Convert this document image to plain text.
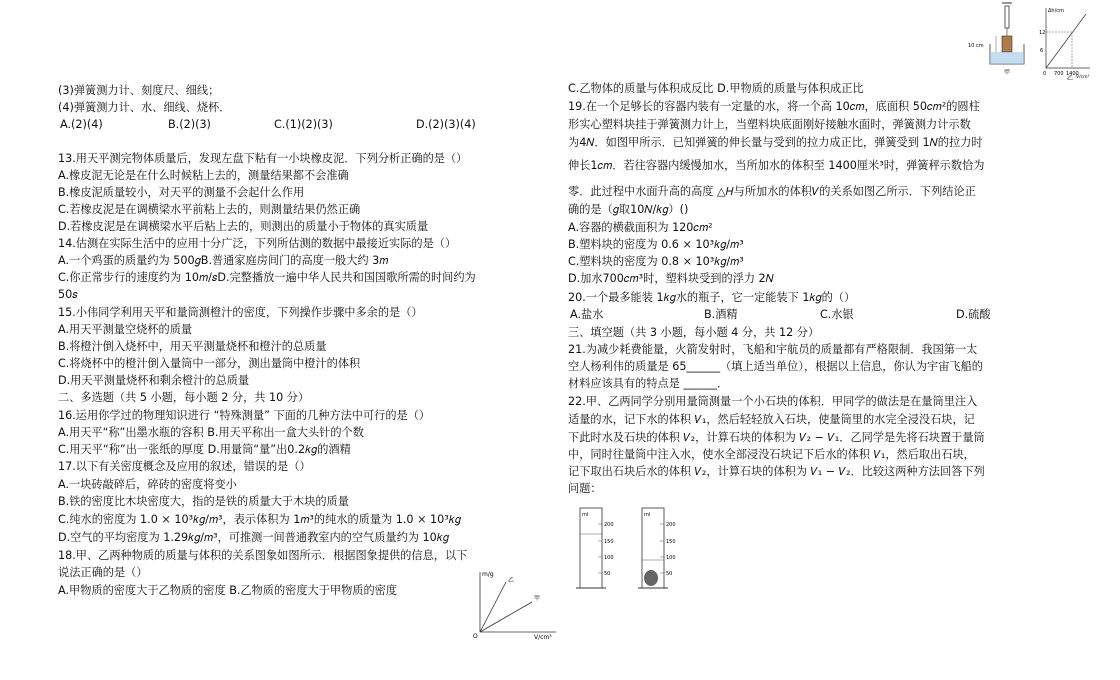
(3)弹簧测力计、刻度尺、细线；
(4)弹簧测力计、水、细线、烧杯．
A.(2)(4)	B.(2)(3)	C.(1)(2)(3)	D.(2)(3)(4)
13.用天平测完物体质量后，发现左盘下粘有一小块橡皮泥．下列分析正确的是（）
A.橡皮泥无论是在什么时候粘上去的，测量结果都不会准确
B.橡皮泥质量较小，对天平的测量不会起什么作用
C.若橡皮泥是在调横梁水平前粘上去的，则测量结果仍然正确
D.若橡皮泥是在调横梁水平后粘上去的，则测出的质量小于物体的真实质量
14.估测在实际生活中的应用十分广泛，下列所估测的数据中最接近实际的是（）
A.一个鸡蛋的质量约为 500𝑔B.普通家庭房间门的高度一般大约 3𝑚
C.你正常步行的速度约为 10𝑚/𝑠D.完整播放一遍中华人民共和国国歌所需的时间约为
50𝑠
15.小伟同学利用天平和量筒测橙汁的密度，下列操作步骤中多余的是（）
A.用天平测量空烧杯的质量
B.将橙汁倒入烧杯中，用天平测量烧杯和橙汁的总质量
C.将烧杯中的橙汁倒入量筒中一部分，测出量筒中橙汁的体积
D.用天平测量烧杯和剩余橙汁的总质量
二、多选题（共 5 小题，每小题 2 分，共 10 分）
16.运用你学过的物理知识进行 “特殊测量” 下面的几种方法中可行的是（）
A.用天平“称”出墨水瓶的容积 B.用天平称出一盒大头针的个数
C.用天平“称”出一张纸的厚度 D.用量筒“量”出0.2𝑘𝑔的酒精
17.以下有关密度概念及应用的叙述，错误的是（）
A.一块砖敲碎后，碎砖的密度将变小
B.铁的密度比木块密度大，指的是铁的质量大于木块的质量
C.纯水的密度为 1.0 × 10³𝑘𝑔/𝑚³，表示体积为 1𝑚³的纯水的质量为 1.0 × 10³𝑘𝑔
D.空气的平均密度为 1.29𝑘𝑔/𝑚³，可推测一间普通教室内的空气质量约为 10𝑘𝑔
18.甲、乙两种物质的质量与体积的关系图象如图所示．根据图象提供的信息，以下
说法正确的是（）
A.甲物质的密度大于乙物质的密度 B.乙物质的密度大于甲物质的密度
m/g
V/cm³
O
乙
甲
C.乙物体的质量与体积成反比 D.甲物质的质量与体积成正比
19.在一个足够长的容器内装有一定量的水，将一个高 10𝑐𝑚，底面积 50𝑐𝑚²的圆柱
形实心塑料块挂于弹簧测力计上，当塑料块底面刚好接触水面时，弹簧测力计示数
为4𝑁．如图甲所示．已知弹簧的伸长量与受到的拉力成正比，弹簧受到 1𝑁的拉力时
伸长1𝑐𝑚．若往容器内缓慢加水，当所加水的体积至 1400厘米³时，弹簧秤示数恰为
零．此过程中水面升高的高度 △𝐻与所加水的体积𝑉的关系如图乙所示．下列结论正
确的是（𝑔取10𝑁/𝑘𝑔）()
A.容器的横截面积为 120𝑐𝑚²
B.塑料块的密度为 0.6 × 10³𝑘𝑔/𝑚³
C.塑料块的密度为 0.8 × 10³𝑘𝑔/𝑚³
D.加水700𝑐𝑚³时，塑料块受到的浮力 2𝑁
20.一个最多能装 1𝑘𝑔水的瓶子，它一定能装下 1𝑘𝑔的（）
A.盐水	B.酒精	C.水银	D.硫酸
三、填空题（共 3 小题，每小题 4 分，共 12 分）
21.为减少耗费能量，火箭发射时，飞船和宇航员的质量都有严格限制．我国第一太
空人杨利伟的质量是 65______（填上适当单位），根据以上信息，你认为宇宙飞船的
材料应该具有的特点是 ______．
22.甲、乙两同学分别用量筒测量一个小石块的体积．甲同学的做法是在量筒里注入
适量的水，记下水的体积 𝑉₁，然后轻轻放入石块，使量筒里的水完全浸没石块，记
下此时水及石块的体积 𝑉₂，计算石块的体积为 𝑉₂ − 𝑉₁．乙同学是先将石块置于量筒
中，同时往量筒中注入水，使水全部浸没石块记下后水的体积 𝑉₁，然后取出石块，
记下取出石块后水的体积 𝑉₂，计算石块的体积为 𝑉₁ − 𝑉₂．比较这两种方法回答下列
问题：
10 cm
甲
Δh/cm
12
6
0 700 1400
V/cm³
乙
ml
200
150
100
50
ml
200
150
100
50
